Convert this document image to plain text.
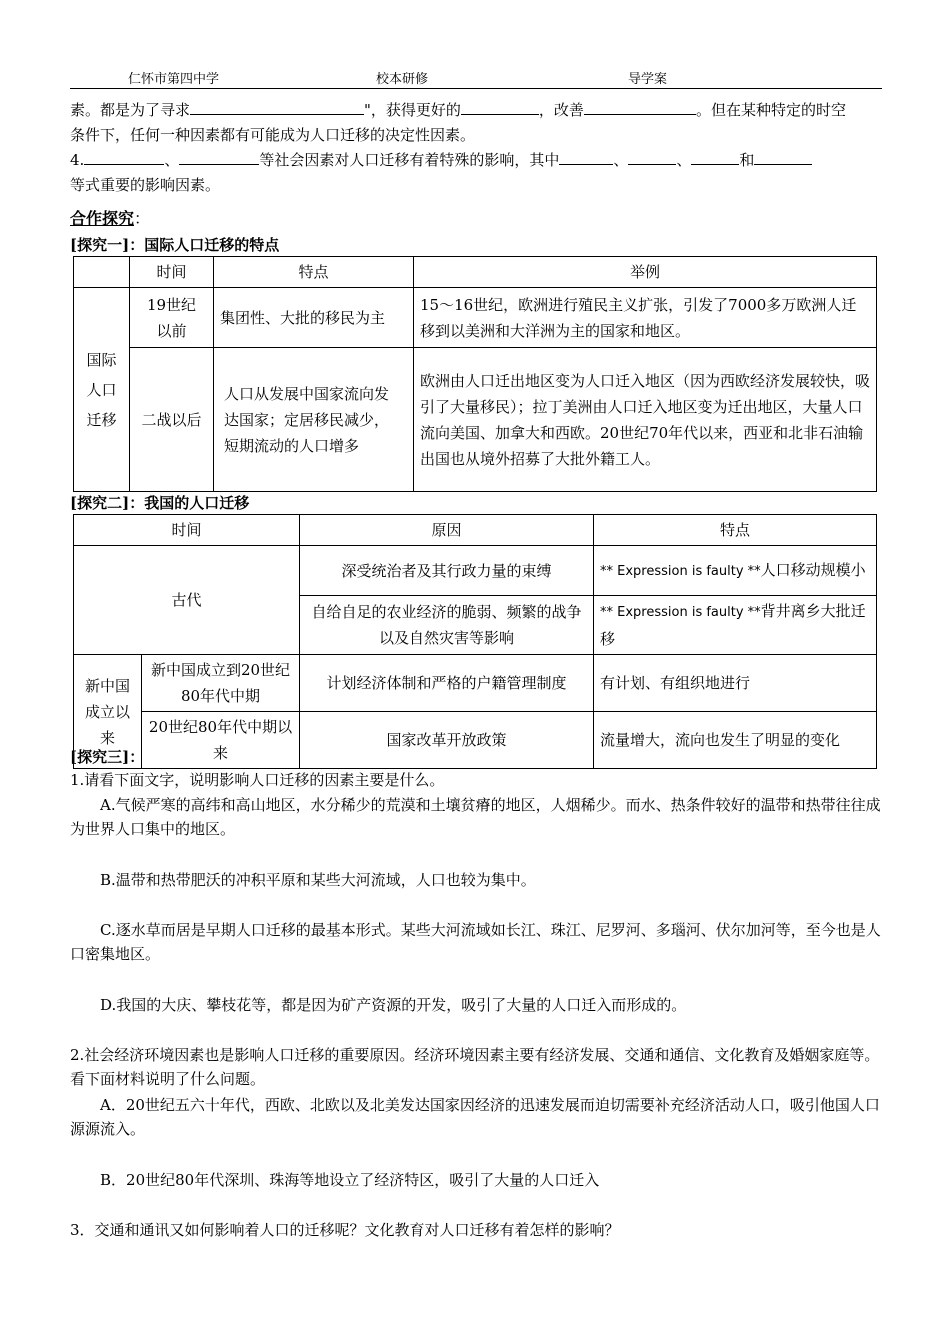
仁怀市第四中学	校本研修	导学案
素。都是为了寻求	"，获得更好的	，改善	。但在某种特定的时空
条件下，任何一种因素都有可能成为人口迁移的决定性因素。
4.	、	等社会因素对人口迁移有着特殊的影响，其中	、	、	和
等式重要的影响因素。
合作探究：
[探究一]：国际人口迁移的特点
	时间	特点	举例
国际人口迁移	19世纪以前	集团性、大批的移民为主	15～16世纪，欧洲进行殖民主义扩张，引发了7000多万欧洲人迁移到以美洲和大洋洲为主的国家和地区。
	二战以后	人口从发展中国家流向发达国家；定居移民减少，短期流动的人口增多	欧洲由人口迁出地区变为人口迁入地区（因为西欧经济发展较快，吸引了大量移民）；拉丁美洲由人口迁入地区变为迁出地区，大量人口流向美国、加拿大和西欧。20世纪70年代以来，西亚和北非石油输出国也从境外招募了大批外籍工人。
[探究二]：我国的人口迁移
时间		原因	特点
古代		深受统治者及其行政力量的束缚	** Expression is faulty **人口移动规模小
		自给自足的农业经济的脆弱、频繁的战争以及自然灾害等影响	** Expression is faulty **背井离乡大批迁移
新中国成立以来	新中国成立到20世纪80年代中期	计划经济体制和严格的户籍管理制度	有计划、有组织地进行
	20世纪80年代中期以来	国家改革开放政策	流量增大，流向也发生了明显的变化
[探究三]：
1.请看下面文字，说明影响人口迁移的因素主要是什么。
A.气候严寒的高纬和高山地区，水分稀少的荒漠和土壤贫瘠的地区，人烟稀少。而水、热条件较好的温带和热带往往成为世界人口集中的地区。
B.温带和热带肥沃的冲积平原和某些大河流域，人口也较为集中。
C.逐水草而居是早期人口迁移的最基本形式。某些大河流域如长江、珠江、尼罗河、多瑙河、伏尔加河等，至今也是人口密集地区。
D.我国的大庆、攀枝花等，都是因为矿产资源的开发，吸引了大量的人口迁入而形成的。
2.社会经济环境因素也是影响人口迁移的重要原因。经济环境因素主要有经济发展、交通和通信、文化教育及婚姻家庭等。看下面材料说明了什么问题。
A．20世纪五六十年代，西欧、北欧以及北美发达国家因经济的迅速发展而迫切需要补充经济活动人口，吸引他国人口源源流入。
B．20世纪80年代深圳、珠海等地设立了经济特区，吸引了大量的人口迁入
3．交通和通讯又如何影响着人口的迁移呢？文化教育对人口迁移有着怎样的影响？
